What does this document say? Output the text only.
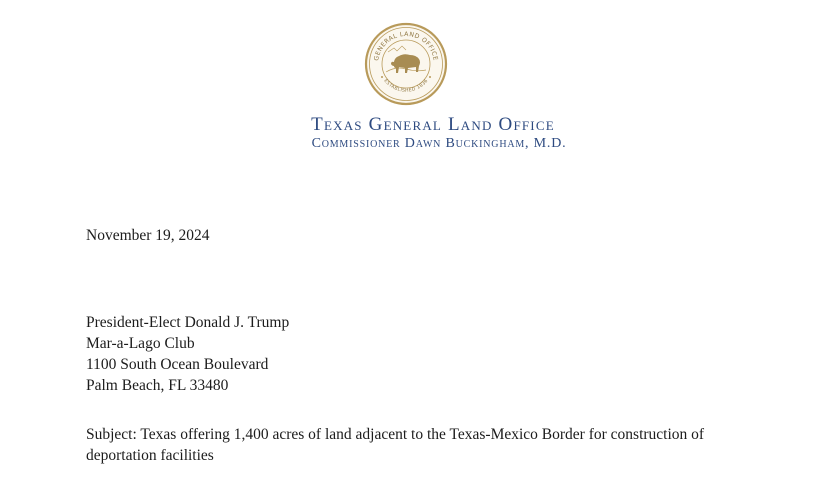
GENERAL LAND OFFICE
ESTABLISHED 1836
Texas General Land Office
Commissioner Dawn Buckingham, M.D.
November 19, 2024
President-Elect Donald J. Trump
Mar-a-Lago Club
1100 South Ocean Boulevard
Palm Beach, FL 33480
Subject: Texas offering 1,400 acres of land adjacent to the Texas-Mexico Border for construction of deportation facilities
